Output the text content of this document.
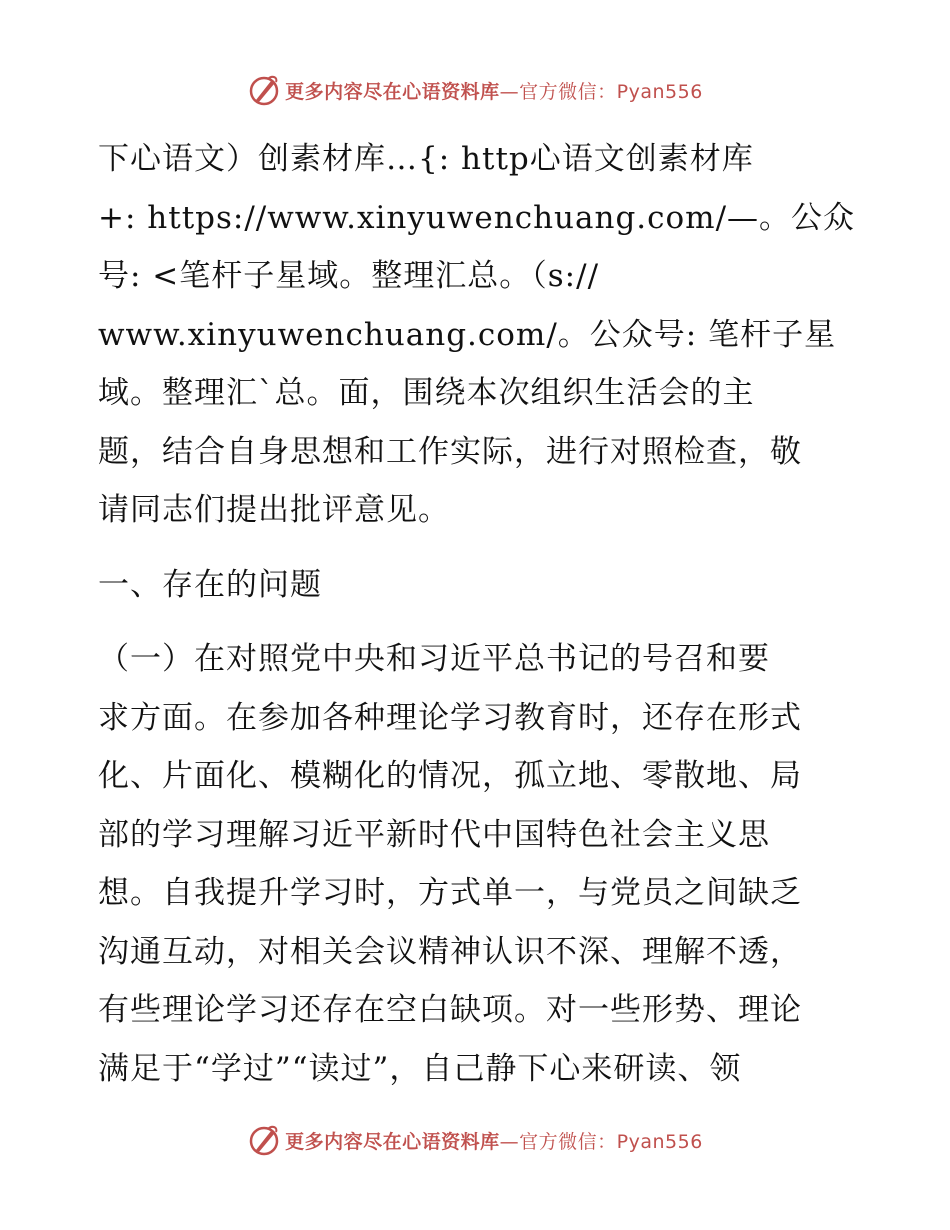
更多内容尽在心语资料库—官方微信：Pyan556
下心语文）创素材库…{: http心语文创素材库
+: https://www.xinyuwenchuang.com/—。公众
号: <笔杆子星域。整理汇总。（s://
www.xinyuwenchuang.com/。公众号: 笔杆子星
域。整理汇`总。面，围绕本次组织生活会的主
题，结合自身思想和工作实际，进行对照检查，敬
请同志们提出批评意见。
一、存在的问题
（一）在对照党中央和习近平总书记的号召和要
求方面。在参加各种理论学习教育时，还存在形式
化、片面化、模糊化的情况，孤立地、零散地、局
部的学习理解习近平新时代中国特色社会主义思
想。自我提升学习时，方式单一，与党员之间缺乏
沟通互动，对相关会议精神认识不深、理解不透，
有些理论学习还存在空白缺项。对一些形势、理论
满足于“学过”“读过”，自己静下心来研读、领
更多内容尽在心语资料库—官方微信：Pyan556
